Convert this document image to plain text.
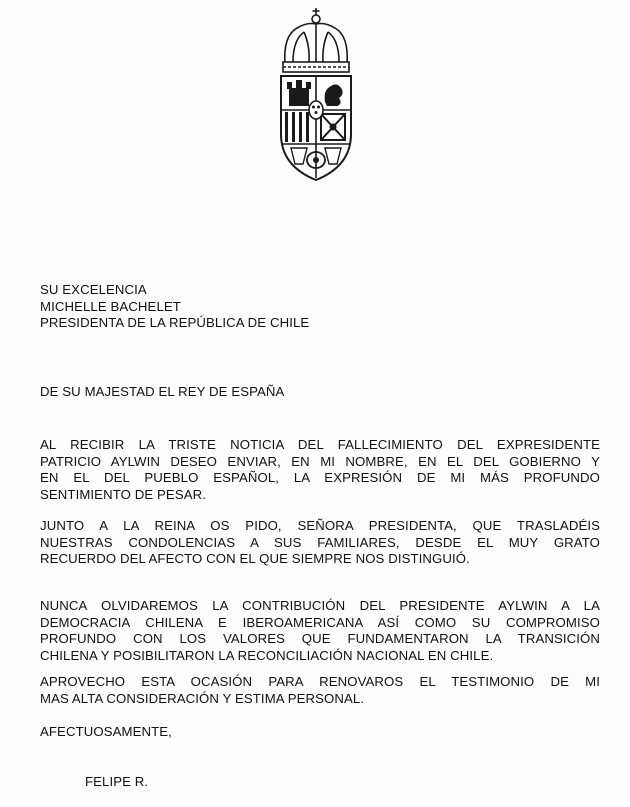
SU EXCELENCIA
MICHELLE BACHELET
PRESIDENTA DE LA REPÚBLICA DE CHILE
DE SU MAJESTAD EL REY DE ESPAÑA
AL RECIBIR LA TRISTE NOTICIA DEL FALLECIMIENTO DEL EXPRESIDENTE
PATRICIO AYLWIN DESEO ENVIAR, EN MI NOMBRE, EN EL DEL GOBIERNO Y
EN EL DEL PUEBLO ESPAÑOL, LA EXPRESIÓN DE MI MÁS PROFUNDO
SENTIMIENTO DE PESAR.
JUNTO A LA REINA OS PIDO, SEÑORA PRESIDENTA, QUE TRASLADÉIS
NUESTRAS CONDOLENCIAS A SUS FAMILIARES, DESDE EL MUY GRATO
RECUERDO DEL AFECTO CON EL QUE SIEMPRE NOS DISTINGUIÓ.
NUNCA OLVIDAREMOS LA CONTRIBUCIÓN DEL PRESIDENTE AYLWIN A LA
DEMOCRACIA CHILENA E IBEROAMERICANA ASÍ COMO SU COMPROMISO
PROFUNDO CON LOS VALORES QUE FUNDAMENTARON LA TRANSICIÓN
CHILENA Y POSIBILITARON LA RECONCILIACIÓN NACIONAL EN CHILE.
APROVECHO ESTA OCASIÓN PARA RENOVAROS EL TESTIMONIO DE MI
MAS ALTA CONSIDERACIÓN Y ESTIMA PERSONAL.
AFECTUOSAMENTE,
FELIPE R.
